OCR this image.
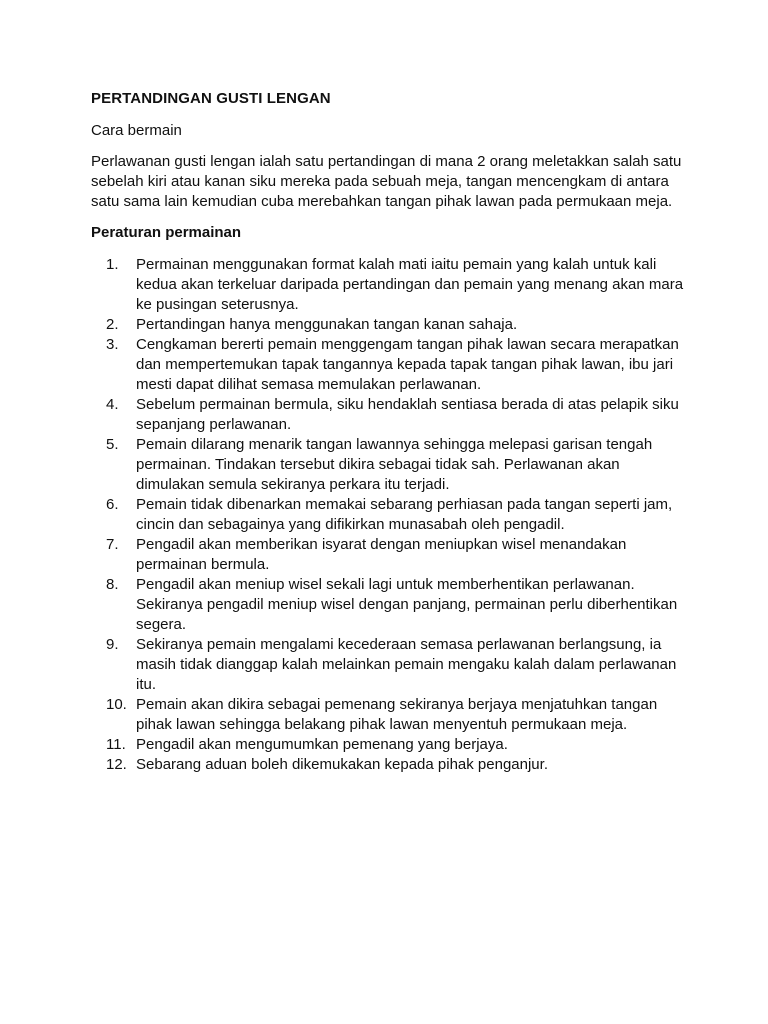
PERTANDINGAN GUSTI LENGAN

Cara bermain

Perlawanan gusti lengan ialah satu pertandingan di mana 2 orang meletakkan salah satu sebelah kiri atau kanan siku mereka pada sebuah meja, tangan mencengkam di antara satu sama lain kemudian cuba merebahkan tangan pihak lawan pada permukaan meja.

Peraturan permainan

1.	Permainan menggunakan format kalah mati iaitu pemain yang kalah untuk kali kedua akan terkeluar daripada pertandingan dan pemain yang menang akan mara ke pusingan seterusnya.
2.	Pertandingan hanya menggunakan tangan kanan sahaja.
3.	Cengkaman bererti pemain menggengam tangan pihak lawan secara merapatkan dan mempertemukan tapak tangannya kepada tapak tangan pihak lawan, ibu jari mesti dapat dilihat semasa memulakan perlawanan.
4.	Sebelum permainan bermula, siku hendaklah sentiasa berada di atas pelapik siku sepanjang perlawanan.
5.	Pemain dilarang menarik tangan lawannya sehingga melepasi garisan tengah permainan. Tindakan tersebut dikira sebagai tidak sah. Perlawanan akan dimulakan semula sekiranya perkara itu terjadi.
6.	Pemain tidak dibenarkan memakai sebarang perhiasan pada tangan seperti jam, cincin dan sebagainya yang difikirkan munasabah oleh pengadil.
7.	Pengadil akan memberikan isyarat dengan meniupkan wisel menandakan permainan bermula.
8.	Pengadil akan meniup wisel sekali lagi untuk memberhentikan perlawanan. Sekiranya pengadil meniup wisel dengan panjang, permainan perlu diberhentikan segera.
9.	Sekiranya pemain mengalami kecederaan semasa perlawanan berlangsung, ia masih tidak dianggap kalah melainkan pemain mengaku kalah dalam perlawanan itu.
10. Pemain akan dikira sebagai pemenang sekiranya berjaya menjatuhkan tangan pihak lawan sehingga belakang pihak lawan menyentuh permukaan meja.
11. Pengadil akan mengumumkan pemenang yang berjaya.
12. Sebarang aduan boleh dikemukakan kepada pihak penganjur.
